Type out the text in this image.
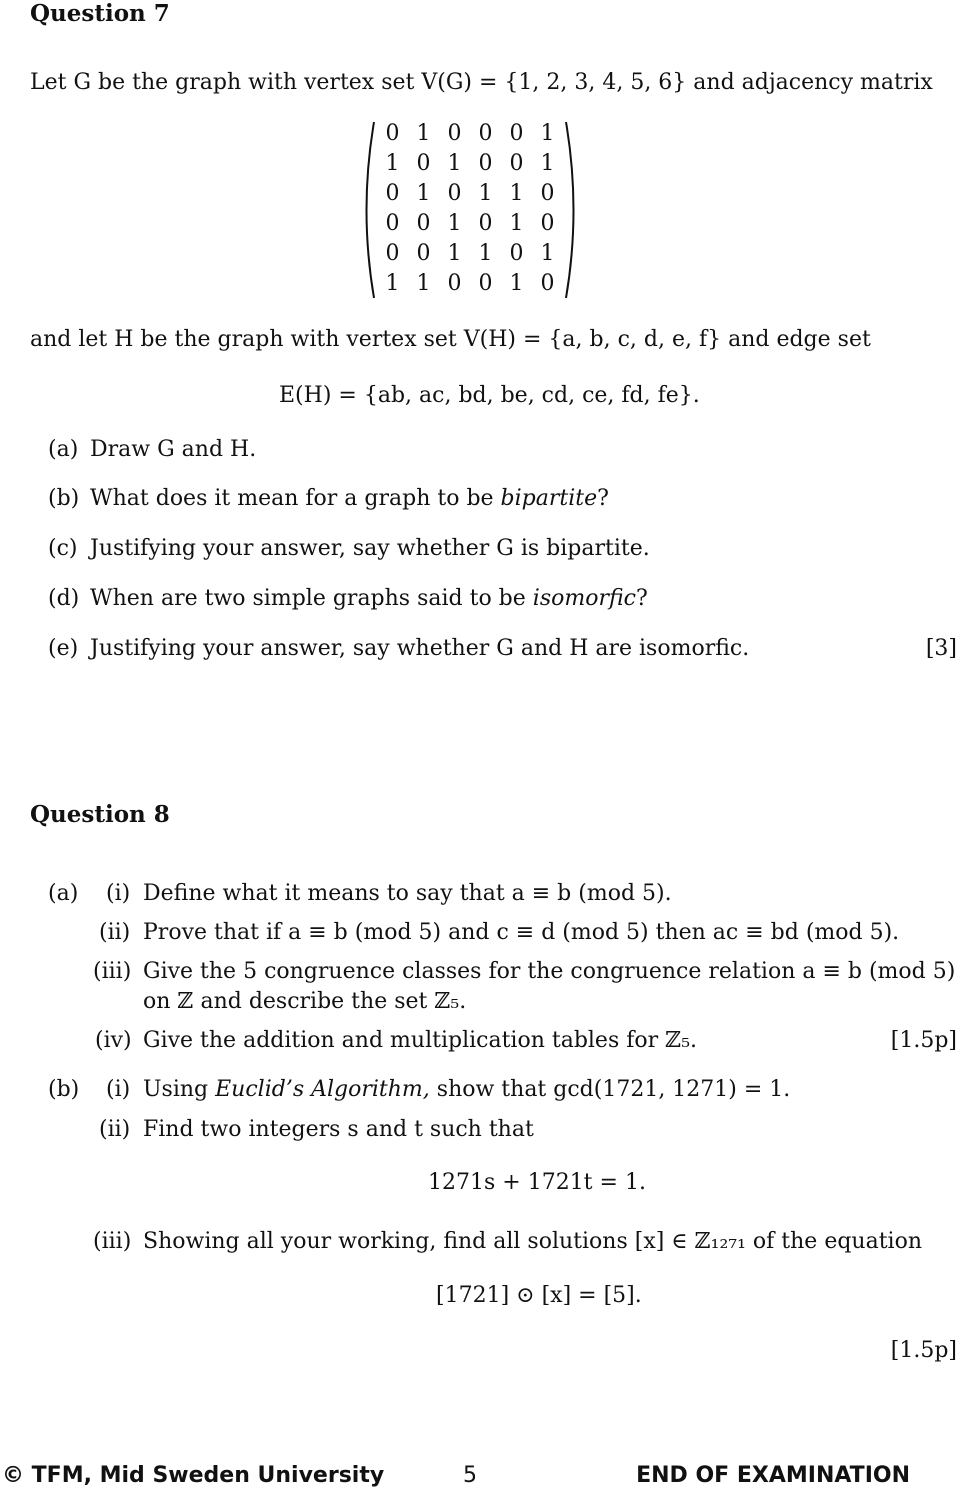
Question 7
Let G be the graph with vertex set V(G) = {1, 2, 3, 4, 5, 6} and adjacency matrix
0 1 0 0 0 1
1 0 1 0 0 1
0 1 0 1 1 0
0 0 1 0 1 0
0 0 1 1 0 1
1 1 0 0 1 0
and let H be the graph with vertex set V(H) = {a, b, c, d, e, f} and edge set
E(H) = {ab, ac, bd, be, cd, ce, fd, fe}.
(a) Draw G and H.
(b) What does it mean for a graph to be bipartite?
(c) Justifying your answer, say whether G is bipartite.
(d) When are two simple graphs said to be isomorfic?
(e) Justifying your answer, say whether G and H are isomorfic.	[3]
Question 8
(a) (i) Define what it means to say that a ≡ b (mod 5).
(ii) Prove that if a ≡ b (mod 5) and c ≡ d (mod 5) then ac ≡ bd (mod 5).
(iii) Give the 5 congruence classes for the congruence relation a ≡ b (mod 5)
on ℤ and describe the set ℤ₅.
(iv) Give the addition and multiplication tables for ℤ₅.	[1.5p]
(b) (i) Using Euclid’s Algorithm, show that gcd(1721, 1271) = 1.
(ii) Find two integers s and t such that
1271s + 1721t = 1.
(iii) Showing all your working, find all solutions [x] ∈ ℤ₁₂₇₁ of the equation
[1721] ⊙ [x] = [5].
[1.5p]
© TFM, Mid Sweden University	5	END OF EXAMINATION
